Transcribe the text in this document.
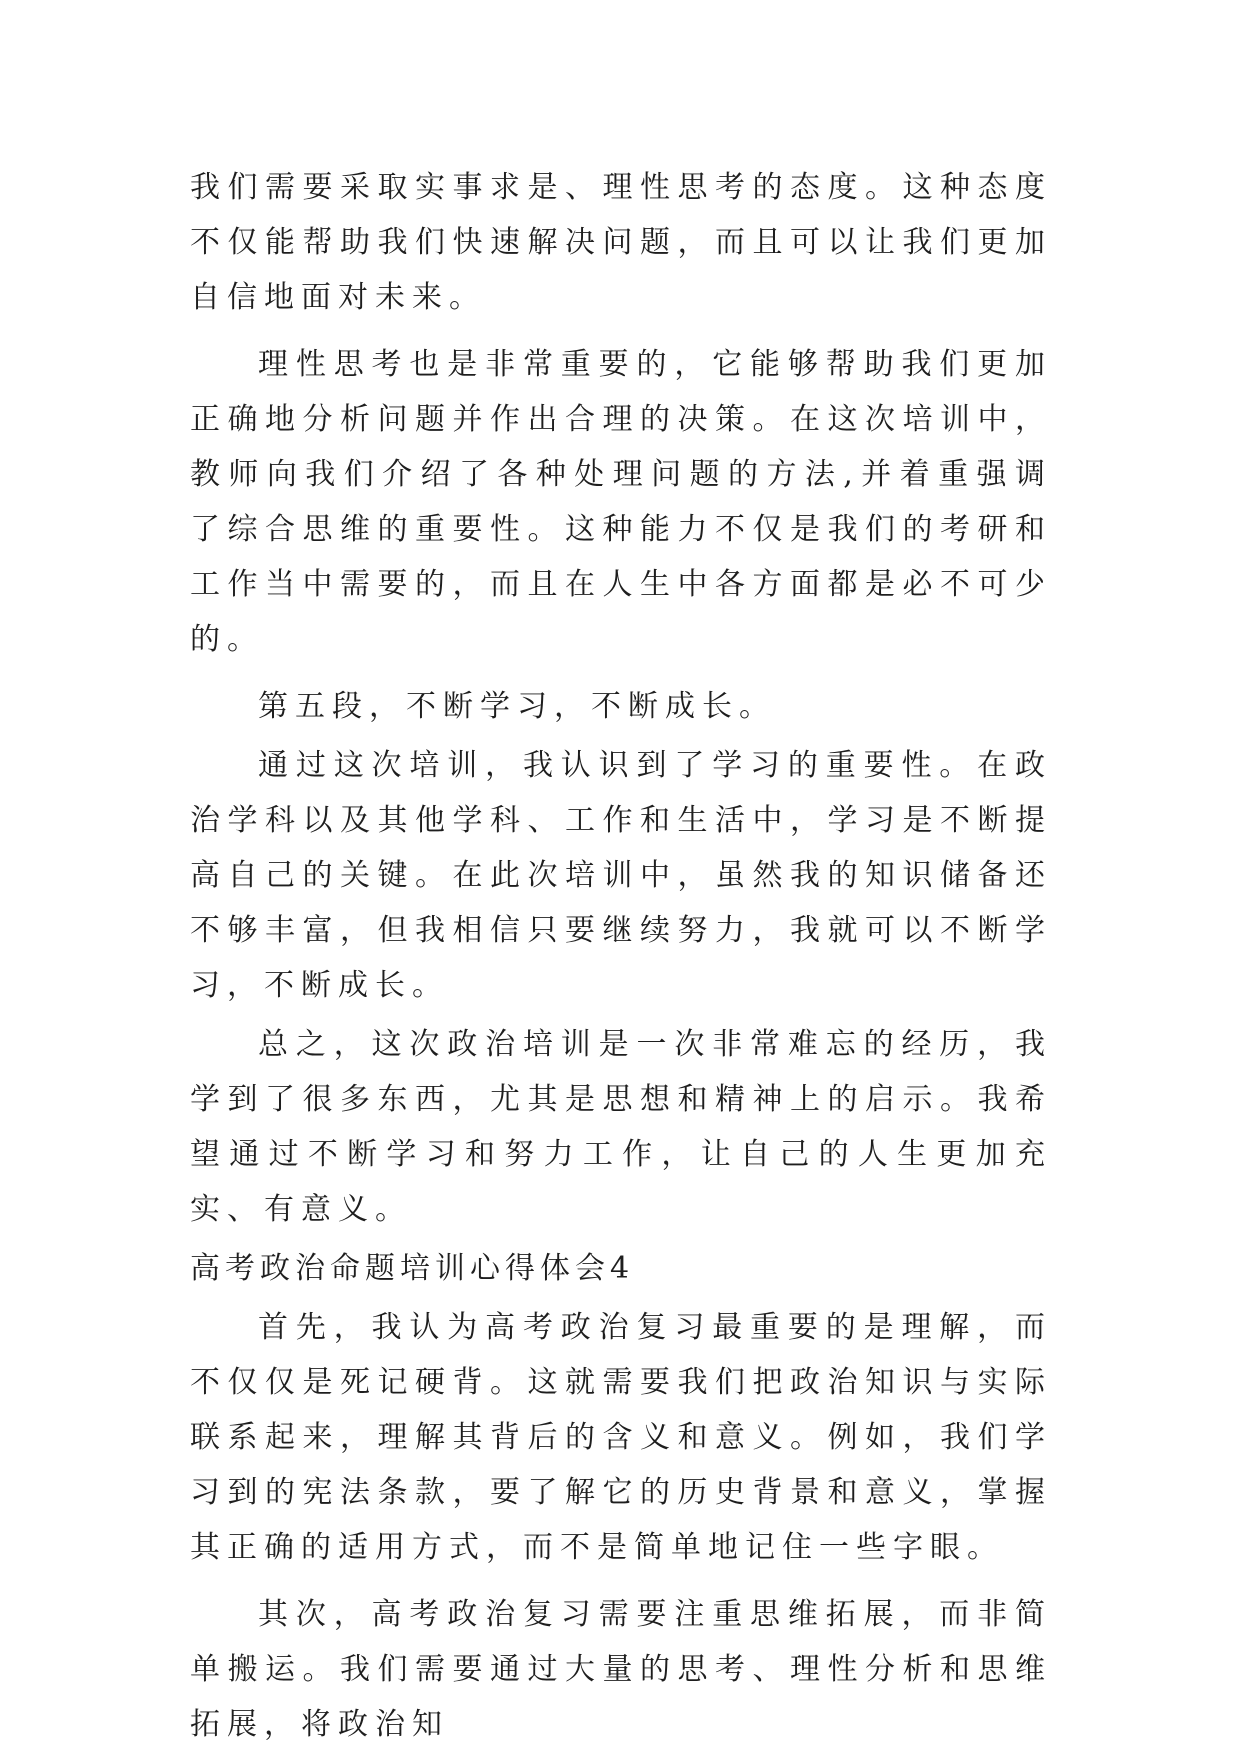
我们需要采取实事求是、理性思考的态度。这种态度不仅能帮助我们快速解决问题，而且可以让我们更加自信地面对未来。

理性思考也是非常重要的，它能够帮助我们更加正确地分析问题并作出合理的决策。在这次培训中，教师向我们介绍了各种处理问题的方法,并着重强调了综合思维的重要性。这种能力不仅是我们的考研和工作当中需要的，而且在人生中各方面都是必不可少的。

第五段，不断学习，不断成长。

通过这次培训，我认识到了学习的重要性。在政治学科以及其他学科、工作和生活中，学习是不断提高自己的关键。在此次培训中，虽然我的知识储备还不够丰富，但我相信只要继续努力，我就可以不断学习，不断成长。

总之，这次政治培训是一次非常难忘的经历，我学到了很多东西，尤其是思想和精神上的启示。我希望通过不断学习和努力工作，让自己的人生更加充实、有意义。

高考政治命题培训心得体会4

首先，我认为高考政治复习最重要的是理解，而不仅仅是死记硬背。这就需要我们把政治知识与实际联系起来，理解其背后的含义和意义。例如，我们学习到的宪法条款，要了解它的历史背景和意义，掌握其正确的适用方式，而不是简单地记住一些字眼。

其次，高考政治复习需要注重思维拓展，而非简单搬运。我们需要通过大量的思考、理性分析和思维拓展，将政治知
